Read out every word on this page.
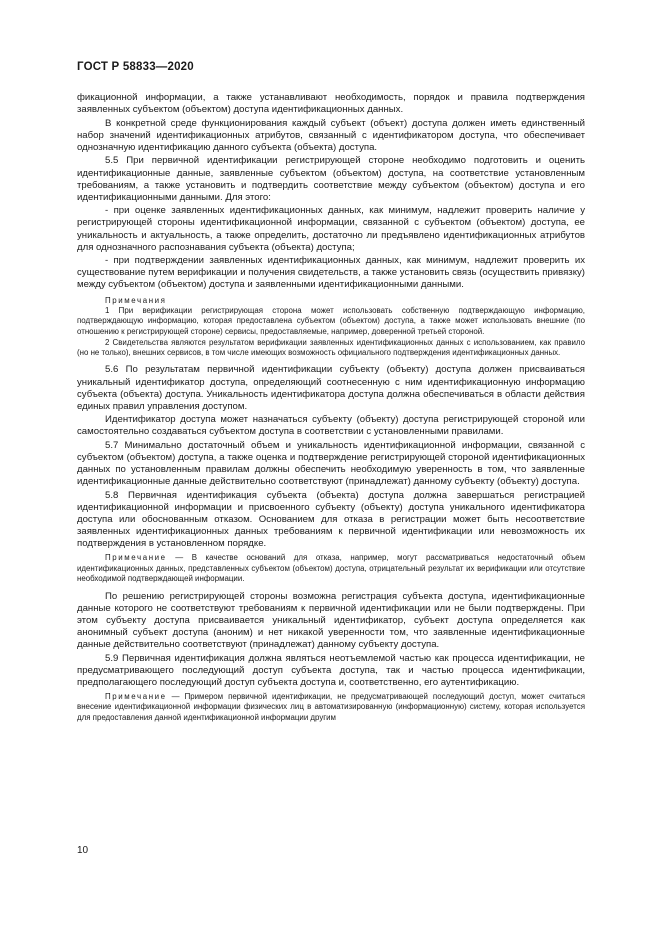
ГОСТ Р 58833—2020

фикационной информации, а также устанавливают необходимость, порядок и правила подтверждения заявленных субъектом (объектом) доступа идентификационных данных.

В конкретной среде функционирования каждый субъект (объект) доступа должен иметь единственный набор значений идентификационных атрибутов, связанный с идентификатором доступа, что обеспечивает однозначную идентификацию данного субъекта (объекта) доступа.

5.5 При первичной идентификации регистрирующей стороне необходимо подготовить и оценить идентификационные данные, заявленные субъектом (объектом) доступа, на соответствие установленным требованиям, а также установить и подтвердить соответствие между субъектом (объектом) доступа и его идентификационными данными. Для этого:

- при оценке заявленных идентификационных данных, как минимум, надлежит проверить наличие у регистрирующей стороны идентификационной информации, связанной с субъектом (объектом) доступа, ее уникальность и актуальность, а также определить, достаточно ли предъявлено идентификационных атрибутов для однозначного распознавания субъекта (объекта) доступа;

- при подтверждении заявленных идентификационных данных, как минимум, надлежит проверить их существование путем верификации и получения свидетельств, а также установить связь (осуществить привязку) между субъектом (объектом) доступа и заявленными идентификационными данными.

Примечания

1 При верификации регистрирующая сторона может использовать собственную подтверждающую информацию, подтверждающую информацию, которая предоставлена субъектом (объектом) доступа, а также может использовать внешние (по отношению к регистрирующей стороне) сервисы, предоставляемые, например, доверенной третьей стороной.

2 Свидетельства являются результатом верификации заявленных идентификационных данных с использованием, как правило (но не только), внешних сервисов, в том числе имеющих возможность официального подтверждения идентификационных данных.

5.6 По результатам первичной идентификации субъекту (объекту) доступа должен присваиваться уникальный идентификатор доступа, определяющий соотнесенную с ним идентификационную информацию субъекта (объекта) доступа. Уникальность идентификатора доступа должна обеспечиваться в области действия единых правил управления доступом.

Идентификатор доступа может назначаться субъекту (объекту) доступа регистрирующей стороной или самостоятельно создаваться субъектом доступа в соответствии с установленными правилами.

5.7 Минимально достаточный объем и уникальность идентификационной информации, связанной с субъектом (объектом) доступа, а также оценка и подтверждение регистрирующей стороной идентификационных данных по установленным правилам должны обеспечить необходимую уверенность в том, что заявленные идентификационные данные действительно соответствуют (принадлежат) данному субъекту (объекту) доступа.

5.8 Первичная идентификация субъекта (объекта) доступа должна завершаться регистрацией идентификационной информации и присвоенного субъекту (объекту) доступа уникального идентификатора доступа или обоснованным отказом. Основанием для отказа в регистрации может быть несоответствие заявленных идентификационных данных требованиям к первичной идентификации или невозможность их подтверждения в установленном порядке.

Примечание — В качестве оснований для отказа, например, могут рассматриваться недостаточный объем идентификационных данных, представленных субъектом (объектом) доступа, отрицательный результат их верификации или отсутствие необходимой подтверждающей информации.

По решению регистрирующей стороны возможна регистрация субъекта доступа, идентификационные данные которого не соответствуют требованиям к первичной идентификации или не были подтверждены. При этом субъекту доступа присваивается уникальный идентификатор, субъект доступа определяется как анонимный субъект доступа (аноним) и нет никакой уверенности том, что заявленные идентификационные данные действительно соответствуют (принадлежат) данному субъекту доступа.

5.9 Первичная идентификация должна являться неотъемлемой частью как процесса идентификации, не предусматривающего последующий доступ субъекта доступа, так и частью процесса идентификации, предполагающего последующий доступ субъекта доступа и, соответственно, его аутентификацию.

Примечание — Примером первичной идентификации, не предусматривающей последующий доступ, может считаться внесение идентификационной информации физических лиц в автоматизированную (информационную) систему, которая используется для предоставления данной идентификационной информации другим

10
